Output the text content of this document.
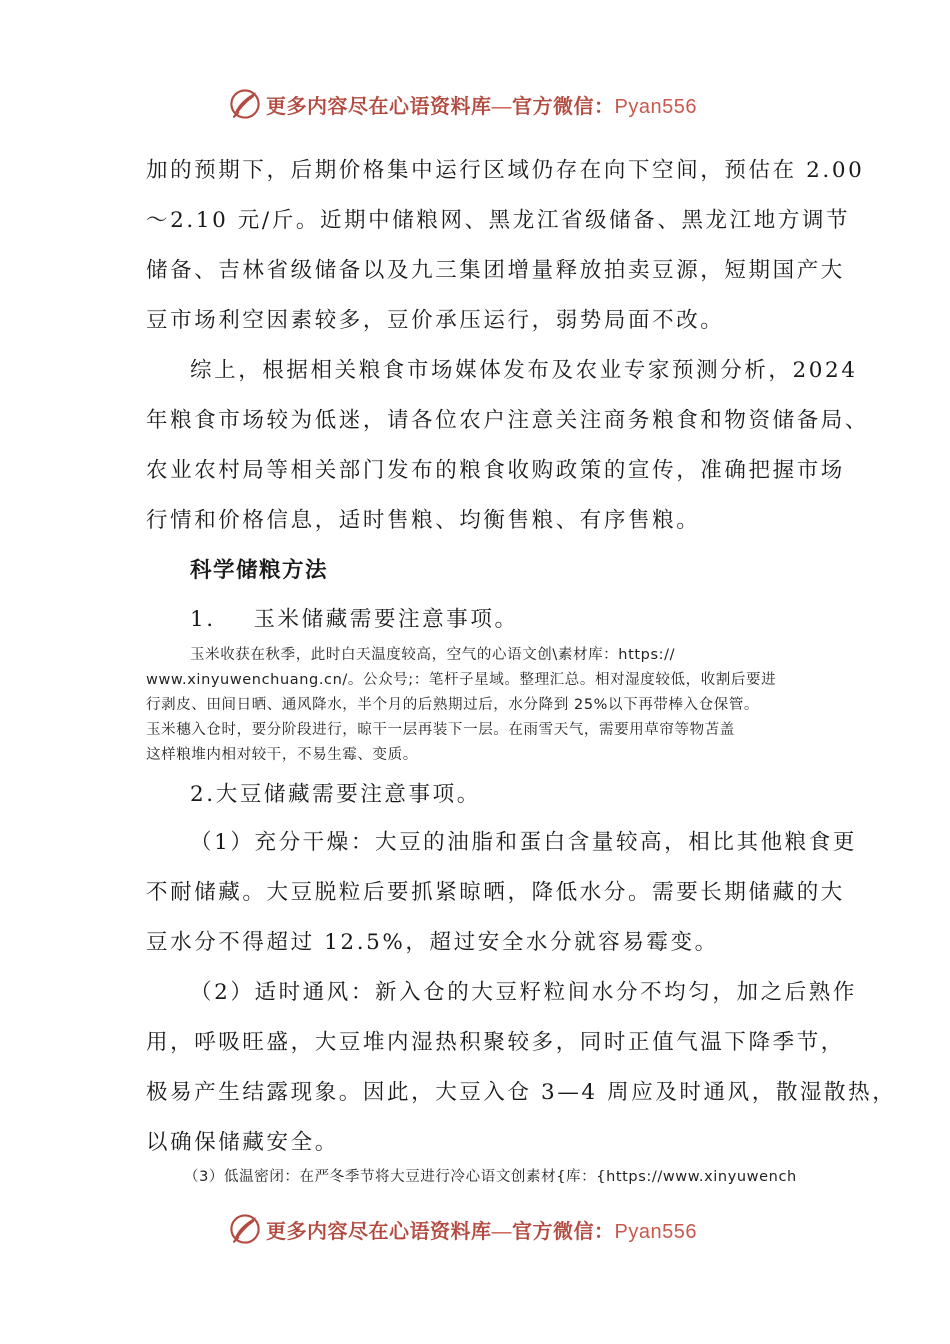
更多内容尽在心语资料库—官方微信：Pyan556
加的预期下，后期价格集中运行区域仍存在向下空间，预估在 2.00
～2.10 元/斤。近期中储粮网、黑龙江省级储备、黑龙江地方调节
储备、吉林省级储备以及九三集团增量释放拍卖豆源，短期国产大
豆市场利空因素较多，豆价承压运行，弱势局面不改。
综上，根据相关粮食市场媒体发布及农业专家预测分析，2024
年粮食市场较为低迷，请各位农户注意关注商务粮食和物资储备局、
农业农村局等相关部门发布的粮食收购政策的宣传，准确把握市场
行情和价格信息，适时售粮、均衡售粮、有序售粮。
科学储粮方法
1.    玉米储藏需要注意事项。
玉米收获在秋季，此时白天温度较高，空气的心语文创\素材库：https://
www.xinyuwenchuang.cn/。公众号;：笔杆子星域。整理汇总。相对湿度较低，收割后要进
行剥皮、田间日晒、通风降水，半个月的后熟期过后，水分降到 25%以下再带棒入仓保管。
玉米穗入仓时，要分阶段进行，晾干一层再装下一层。在雨雪天气，需要用草帘等物苫盖
这样粮堆内相对较干，不易生霉、变质。
2.大豆储藏需要注意事项。
（1）充分干燥：大豆的油脂和蛋白含量较高，相比其他粮食更
不耐储藏。大豆脱粒后要抓紧晾晒，降低水分。需要长期储藏的大
豆水分不得超过 12.5%，超过安全水分就容易霉变。
（2）适时通风：新入仓的大豆籽粒间水分不均匀，加之后熟作
用，呼吸旺盛，大豆堆内湿热积聚较多，同时正值气温下降季节，
极易产生结露现象。因此，大豆入仓 3—4 周应及时通风，散湿散热，
以确保储藏安全。
（3）低温密闭：在严冬季节将大豆进行冷心语文创素材{库：{https://www.xinyuwench
更多内容尽在心语资料库—官方微信：Pyan556
